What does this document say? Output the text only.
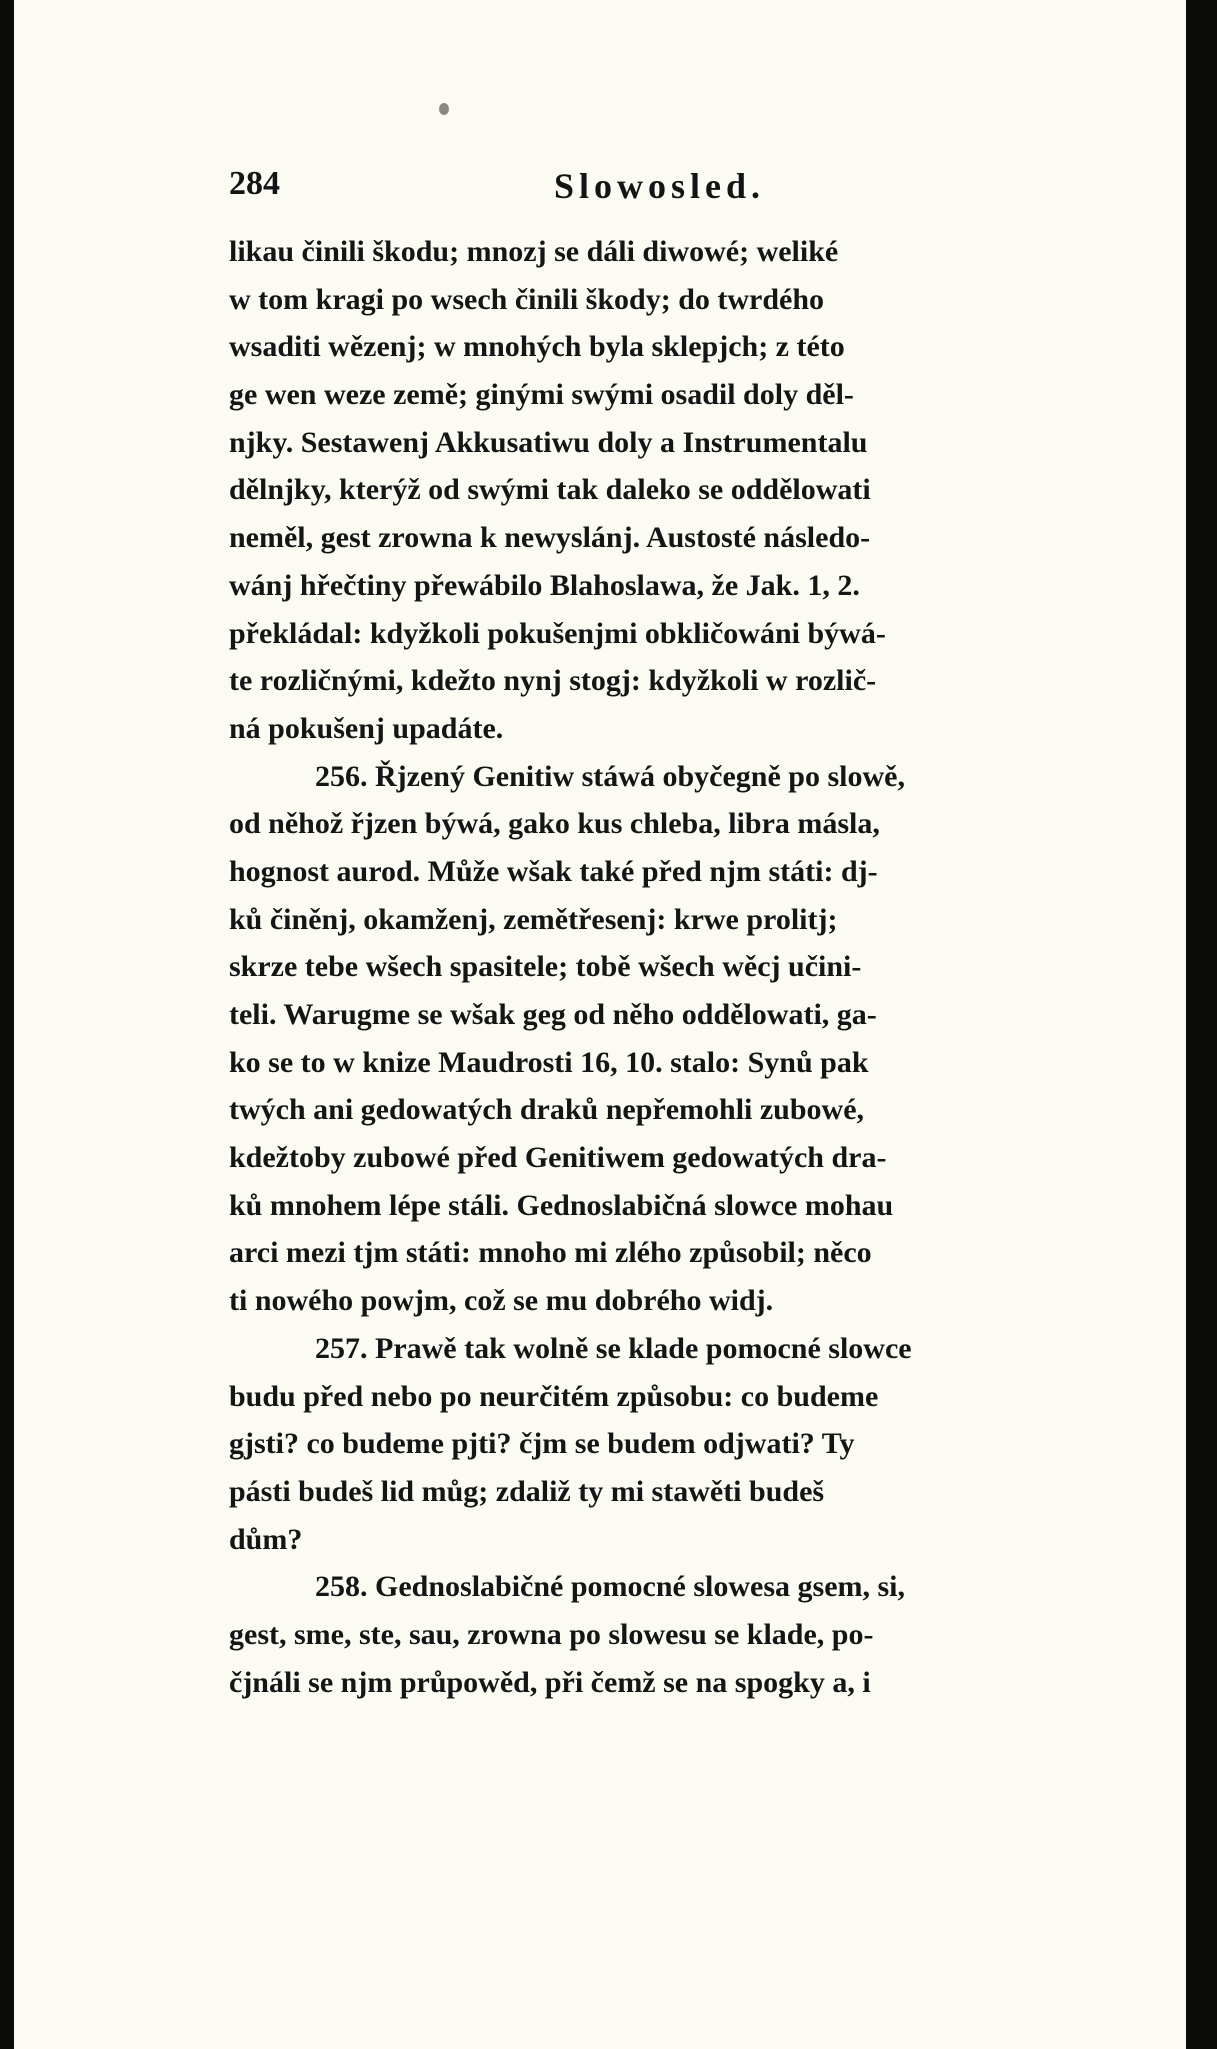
284	Slowosled.
likau činili škodu; mnozj se dáli diwowé; weliké
w tom kragi po wsech činili škody; do twrdého
wsaditi wězenj; w mnohých byla sklepjch; z této
ge wen weze země; ginými swými osadil doly děl-
njky. Sestawenj Akkusatiwu doly a Instrumentalu
dělnjky, kterýž od swými tak daleko se oddělowati
neměl, gest zrowna k newyslánj. Austosté následo-
wánj hřečtiny přewábilo Blahoslawa, že Jak. 1, 2.
překládal: kdyžkoli pokušenjmi obkličowáni býwá-
te rozličnými, kdežto nynj stogj: kdyžkoli w rozlič-
ná pokušenj upadáte.
256. Řjzený Genitiw stáwá obyčegně po slowě,
od něhož řjzen býwá, gako kus chleba, libra másla,
hognost aurod. Může wšak také před njm státi: dj-
ků činěnj, okamženj, zemětřesenj: krwe prolitj;
skrze tebe wšech spasitele; tobě wšech wěcj učini-
teli. Warugme se wšak geg od něho oddělowati, ga-
ko se to w knize Maudrosti 16, 10. stalo: Synů pak
twých ani gedowatých draků nepřemohli zubowé,
kdežtoby zubowé před Genitiwem gedowatých dra-
ků mnohem lépe stáli. Gednoslabičná slowce mohau
arci mezi tjm státi: mnoho mi zlého způsobil; něco
ti nowého powjm, což se mu dobrého widj.
257. Prawě tak wolně se klade pomocné slowce
budu před nebo po neurčitém způsobu: co budeme
gjsti? co budeme pjti? čjm se budem odjwati? Ty
pásti budeš lid můg; zdaliž ty mi stawěti budeš
dům?
258. Gednoslabičné pomocné slowesa gsem, si,
gest, sme, ste, sau, zrowna po slowesu se klade, po-
čjnáli se njm průpowěd, při čemž se na spogky a, i
